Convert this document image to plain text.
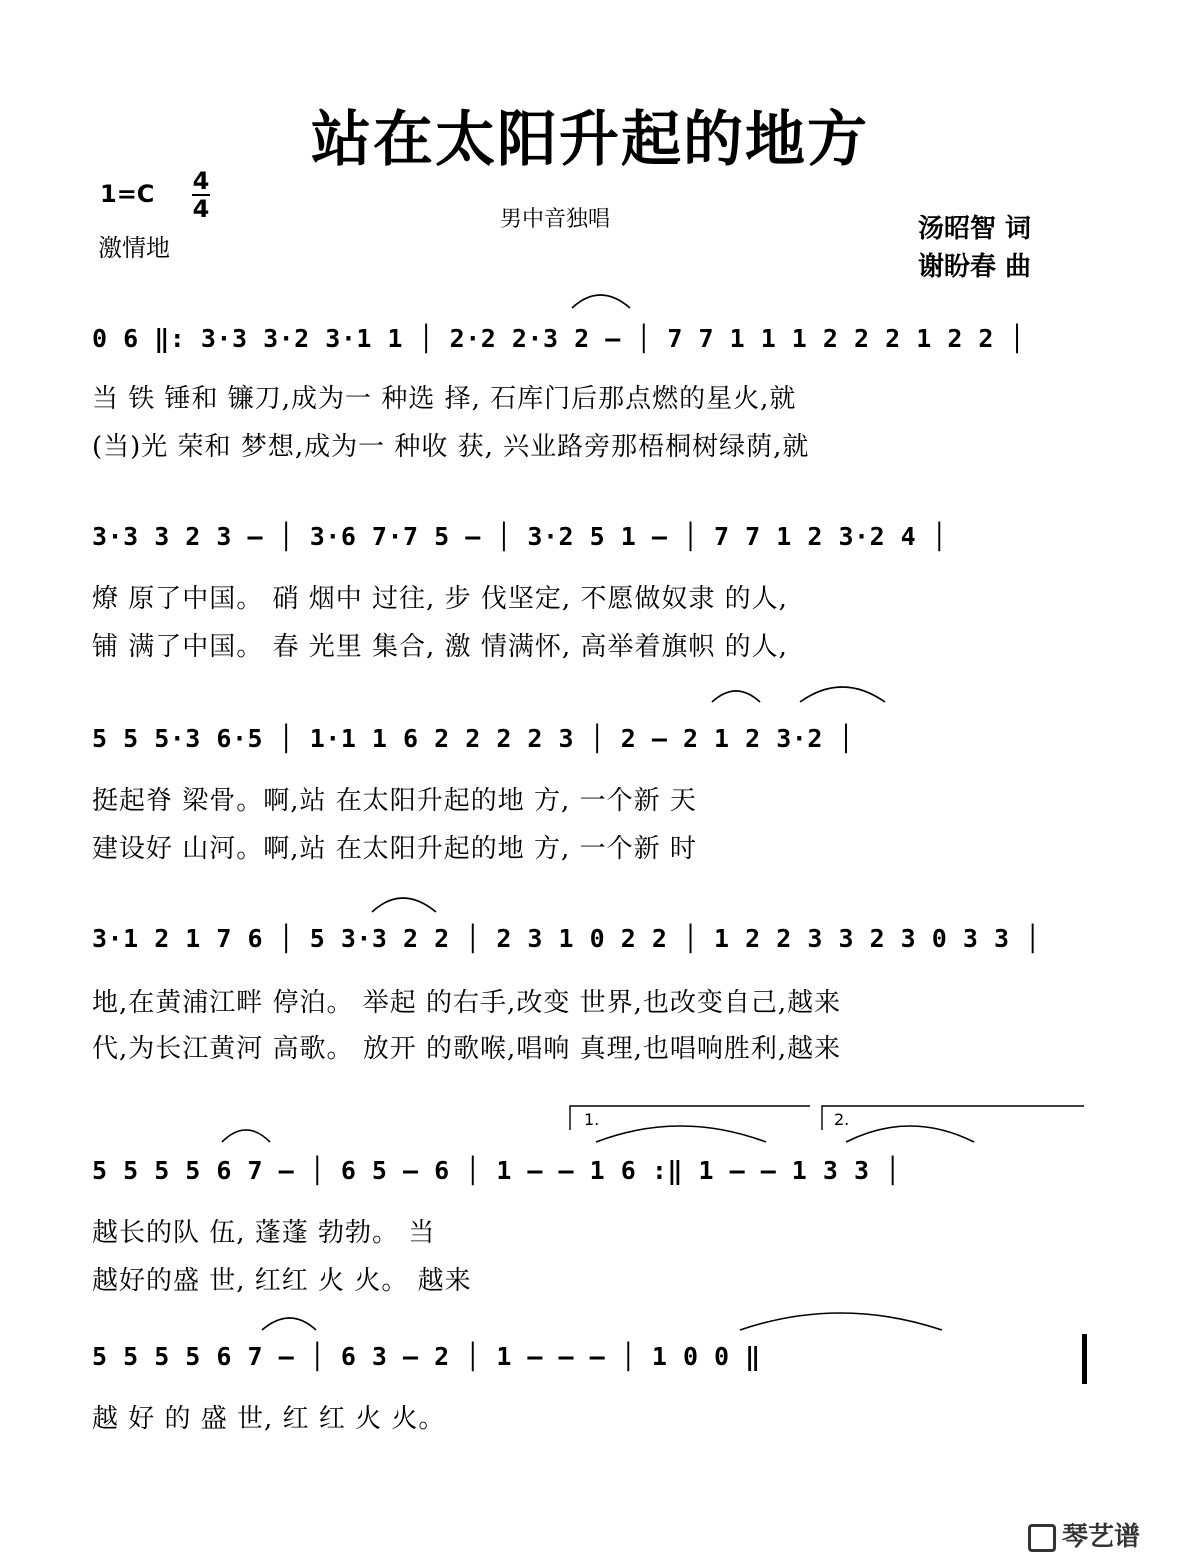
站在太阳升起的地方
1=C 4
4
激情地
男中音独唱	汤昭智 词
谢盼春 曲
0 6 ‖: 3·3 3·2 3·1 1 │ 2·2 2·3 2 – │ 7 7 1 1 1 2 2 2 1 2 2 │
1.	2.
当 铁 锤和 镰刀,成为一 种选 择, 石库门后那点燃的星火,就
(当)光 荣和 梦想,成为一 种收 获, 兴业路旁那梧桐树绿荫,就
3·3 3 2 3 – │ 3·6 7·7 5 – │ 3·2 5 1 – │ 7 7 1 2 3·2 4 │
燎 原了中国。 硝 烟中 过往, 步 伐坚定, 不愿做奴隶 的人,
铺 满了中国。 春 光里 集合, 激 情满怀, 高举着旗帜 的人,
5 5 5·3 6·5 │ 1·1 1 6 2 2 2 2 3 │ 2 – 2 1 2 3·2 │
挺起脊 梁骨。啊,站 在太阳升起的地 方, 一个新 天
建设好 山河。啊,站 在太阳升起的地 方, 一个新 时
3·1 2 1 7 6 │ 5 3·3 2 2 │ 2 3 1 0 2 2 │ 1 2 2 3 3 2 3 0 3 3 │
地,在黄浦江畔 停泊。 举起 的右手,改变 世界,也改变自己,越来
代,为长江黄河 高歌。 放开 的歌喉,唱响 真理,也唱响胜利,越来
5 5 5 5 6 7 – │ 6 5 – 6 │ 1 – – 1 6 :‖ 1 – – 1 3 3 │
越长的队 伍, 蓬蓬 勃勃。 当
越好的盛 世, 红红 火 火。 越来
5 5 5 5 6 7 – │ 6 3 – 2 │ 1 – – – │ 1 0 0 ‖
越 好 的 盛 世, 红 红 火 火。
琴艺谱
